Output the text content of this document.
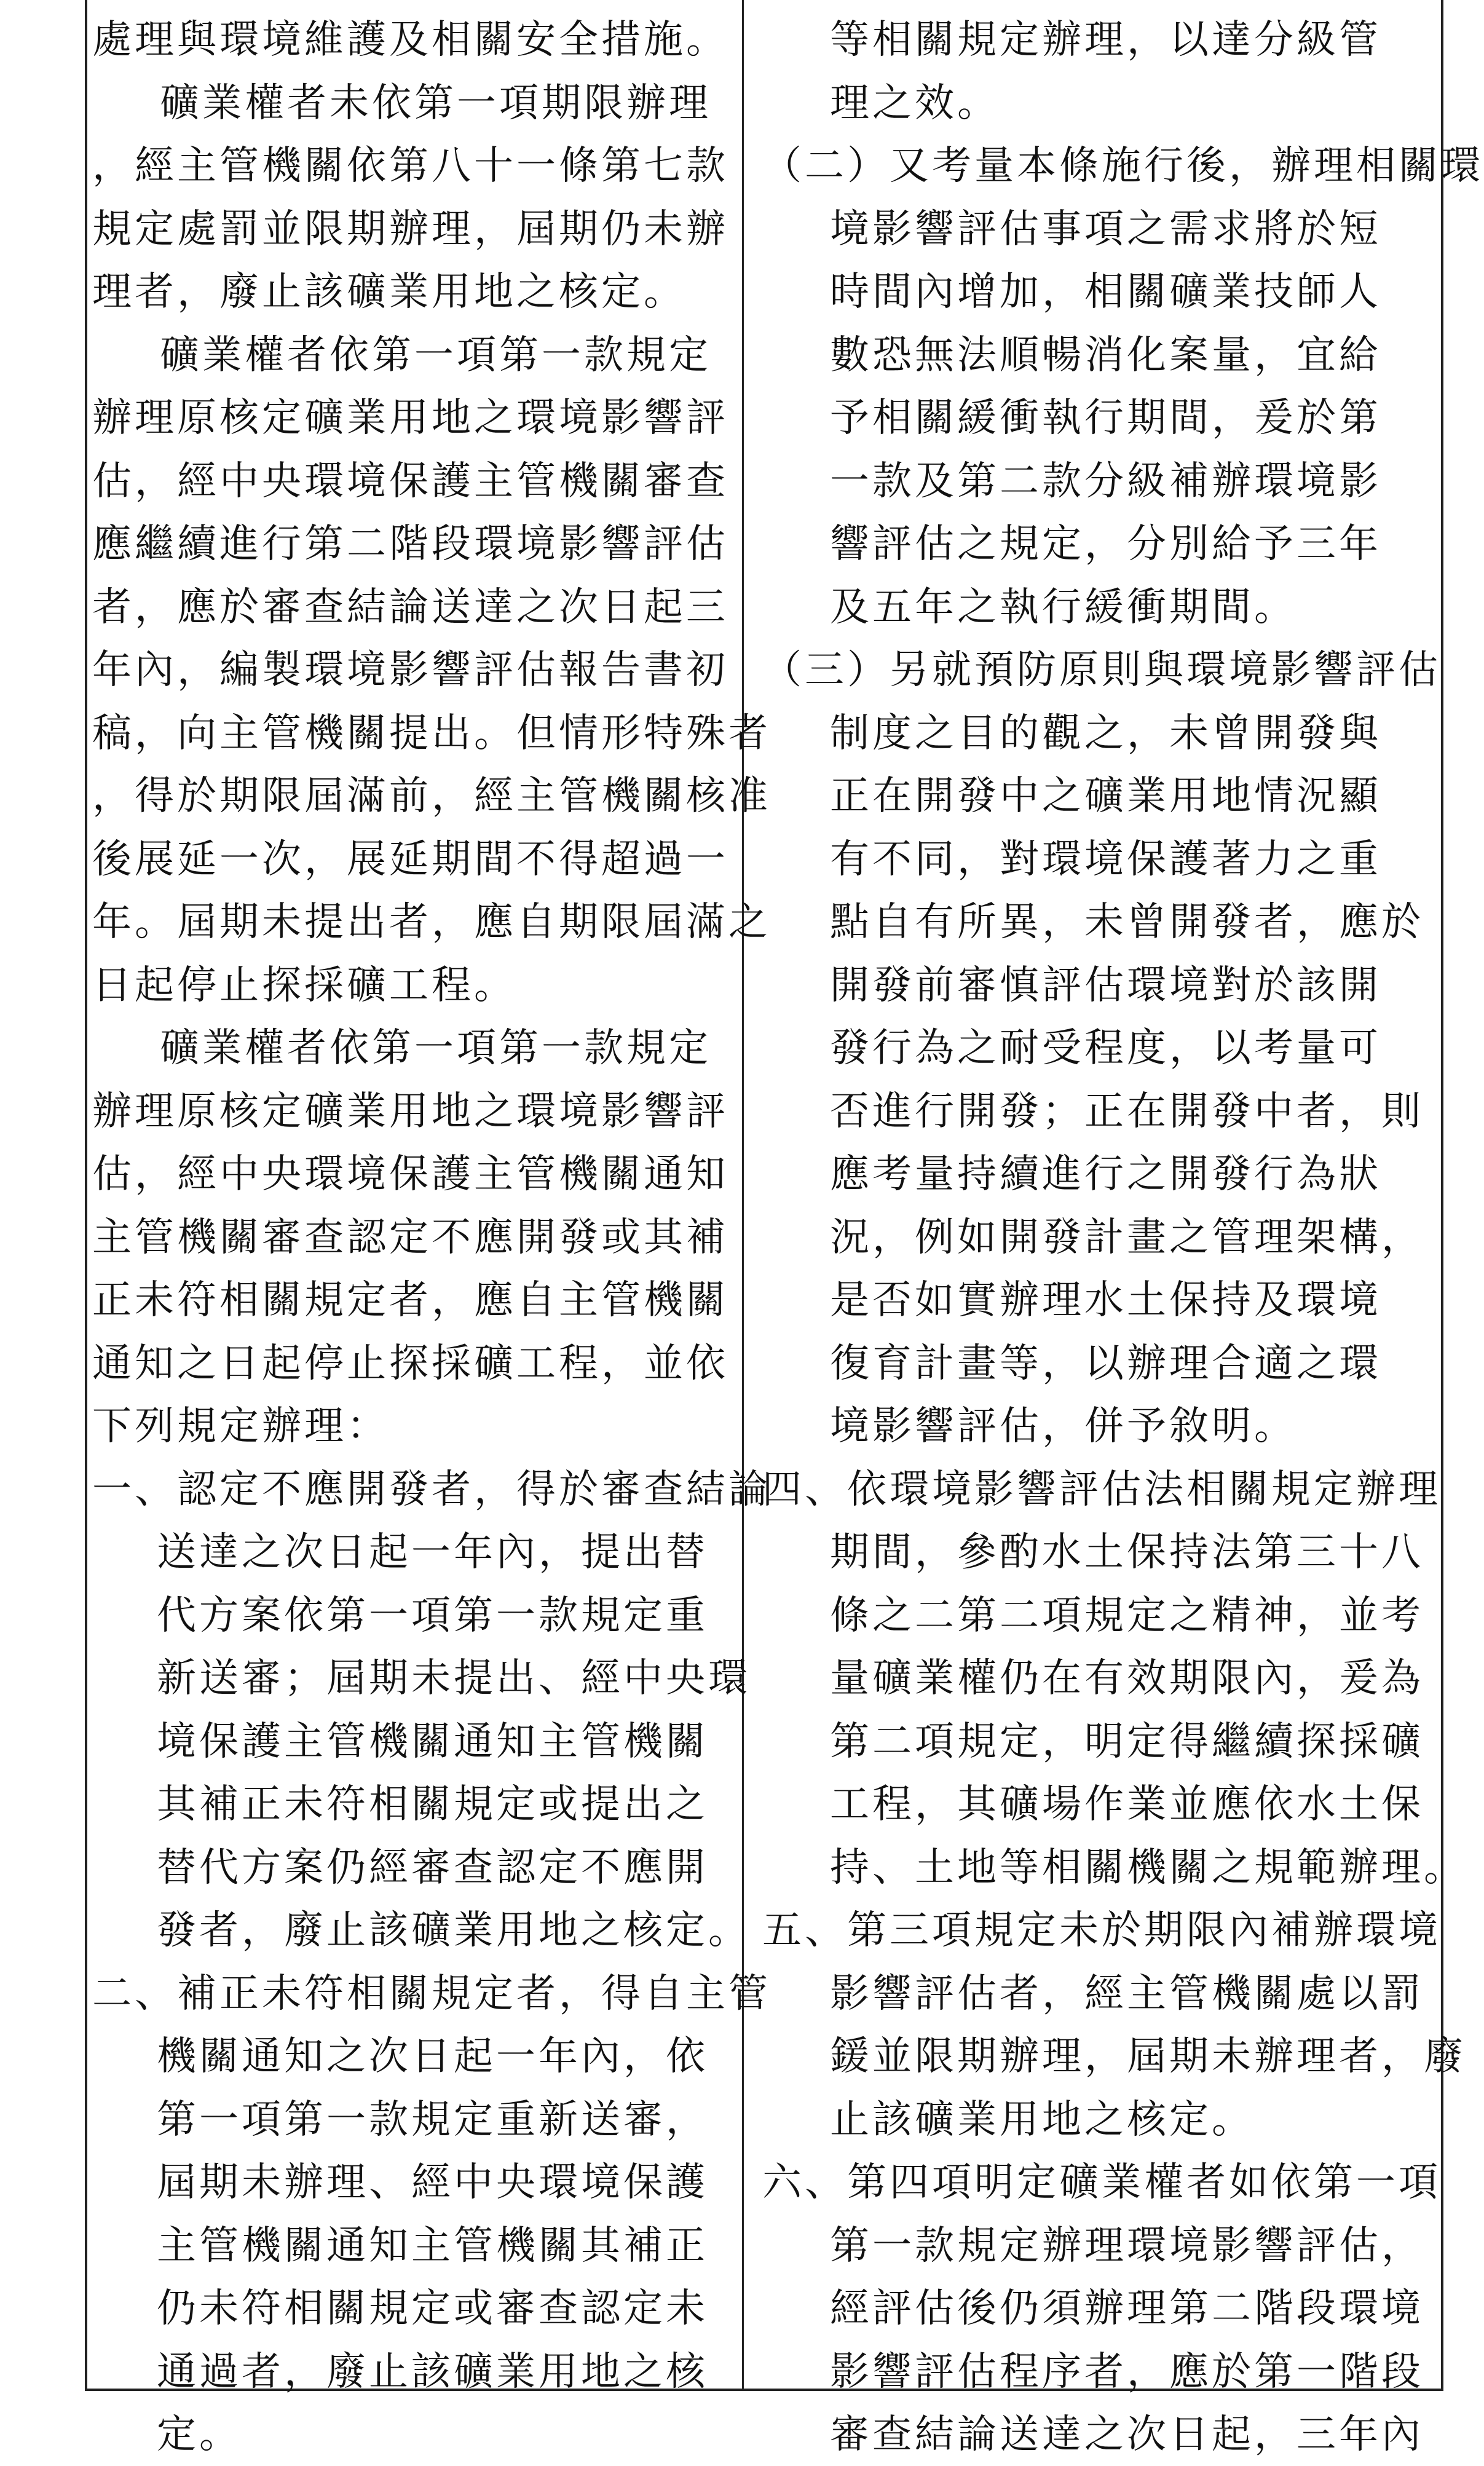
處理與環境維護及相關安全措施。
礦業權者未依第一項期限辦理
，經主管機關依第八十一條第七款
規定處罰並限期辦理，屆期仍未辦
理者，廢止該礦業用地之核定。
礦業權者依第一項第一款規定
辦理原核定礦業用地之環境影響評
估，經中央環境保護主管機關審查
應繼續進行第二階段環境影響評估
者，應於審查結論送達之次日起三
年內，編製環境影響評估報告書初
稿，向主管機關提出。但情形特殊者
，得於期限屆滿前，經主管機關核准
後展延一次，展延期間不得超過一
年。屆期未提出者，應自期限屆滿之
日起停止探採礦工程。
礦業權者依第一項第一款規定
辦理原核定礦業用地之環境影響評
估，經中央環境保護主管機關通知
主管機關審查認定不應開發或其補
正未符相關規定者，應自主管機關
通知之日起停止探採礦工程，並依
下列規定辦理：
一、認定不應開發者，得於審查結論
送達之次日起一年內，提出替
代方案依第一項第一款規定重
新送審；屆期未提出、經中央環
境保護主管機關通知主管機關
其補正未符相關規定或提出之
替代方案仍經審查認定不應開
發者，廢止該礦業用地之核定。
二、補正未符相關規定者，得自主管
機關通知之次日起一年內，依
第一項第一款規定重新送審，
屆期未辦理、經中央環境保護
主管機關通知主管機關其補正
仍未符相關規定或審查認定未
通過者，廢止該礦業用地之核
定。
等相關規定辦理，以達分級管
理之效。
（二）又考量本條施行後，辦理相關環
境影響評估事項之需求將於短
時間內增加，相關礦業技師人
數恐無法順暢消化案量，宜給
予相關緩衝執行期間，爰於第
一款及第二款分級補辦環境影
響評估之規定，分別給予三年
及五年之執行緩衝期間。
（三）另就預防原則與環境影響評估
制度之目的觀之，未曾開發與
正在開發中之礦業用地情況顯
有不同，對環境保護著力之重
點自有所異，未曾開發者，應於
開發前審慎評估環境對於該開
發行為之耐受程度，以考量可
否進行開發；正在開發中者，則
應考量持續進行之開發行為狀
況，例如開發計畫之管理架構，
是否如實辦理水土保持及環境
復育計畫等，以辦理合適之環
境影響評估，併予敘明。
四、依環境影響評估法相關規定辦理
期間，參酌水土保持法第三十八
條之二第二項規定之精神，並考
量礦業權仍在有效期限內，爰為
第二項規定，明定得繼續探採礦
工程，其礦場作業並應依水土保
持、土地等相關機關之規範辦理。
五、第三項規定未於期限內補辦環境
影響評估者，經主管機關處以罰
鍰並限期辦理，屆期未辦理者，廢
止該礦業用地之核定。
六、第四項明定礦業權者如依第一項
第一款規定辦理環境影響評估，
經評估後仍須辦理第二階段環境
影響評估程序者，應於第一階段
審查結論送達之次日起，三年內
